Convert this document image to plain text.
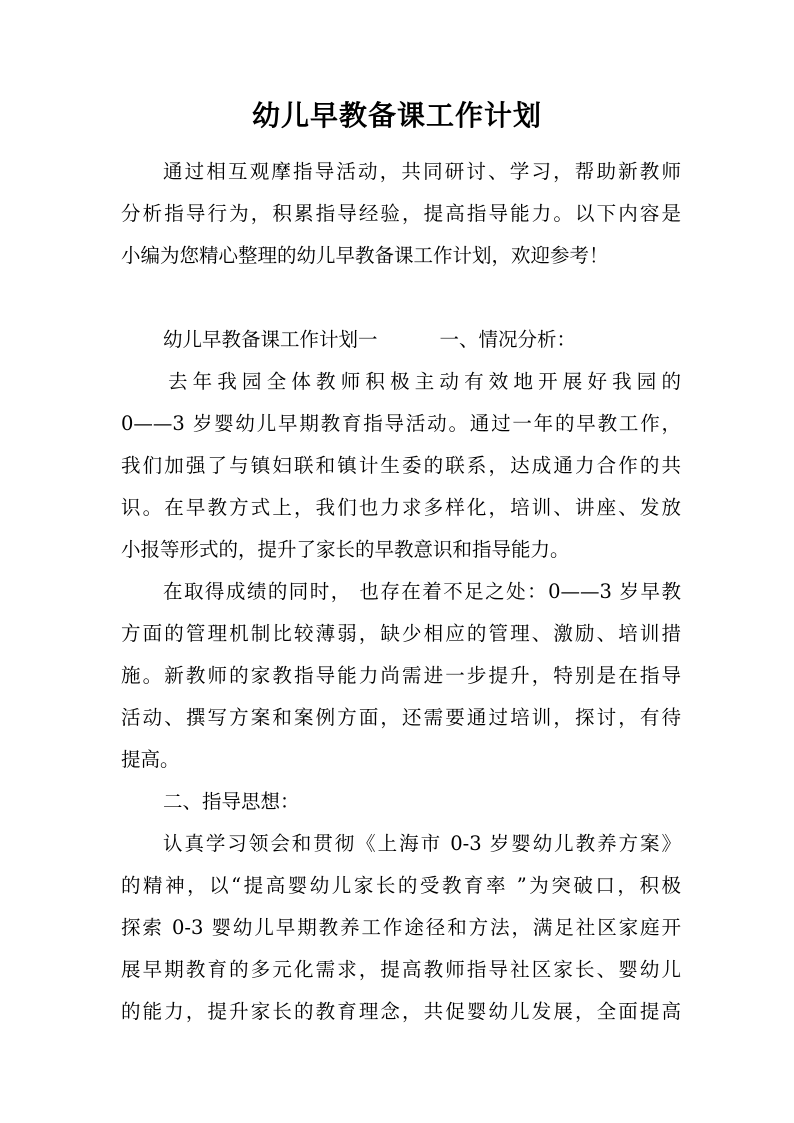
幼儿早教备课工作计划
通过相互观摩指导活动，共同研讨、学习，帮助新教师
分析指导行为，积累指导经验，提高指导能力。以下内容是
小编为您精心整理的幼儿早教备课工作计划，欢迎参考！
幼儿早教备课工作计划一	一、情况分析：
去年我园全体教师积极主动有效地开展好我园的
0——3 岁婴幼儿早期教育指导活动。通过一年的早教工作，
我们加强了与镇妇联和镇计生委的联系，达成通力合作的共
识。在早教方式上，我们也力求多样化，培训、讲座、发放
小报等形式的，提升了家长的早教意识和指导能力。
在取得成绩的同时， 也存在着不足之处：0——3 岁早教
方面的管理机制比较薄弱，缺少相应的管理、激励、培训措
施。新教师的家教指导能力尚需进一步提升，特别是在指导
活动、撰写方案和案例方面，还需要通过培训，探讨，有待
提高。
二、指导思想：
认真学习领会和贯彻《上海市 0-3 岁婴幼儿教养方案》
的精神，以“提高婴幼儿家长的受教育率 ”为突破口，积极
探索 0-3 婴幼儿早期教养工作途径和方法，满足社区家庭开
展早期教育的多元化需求，提高教师指导社区家长、婴幼儿
的能力，提升家长的教育理念，共促婴幼儿发展，全面提高
